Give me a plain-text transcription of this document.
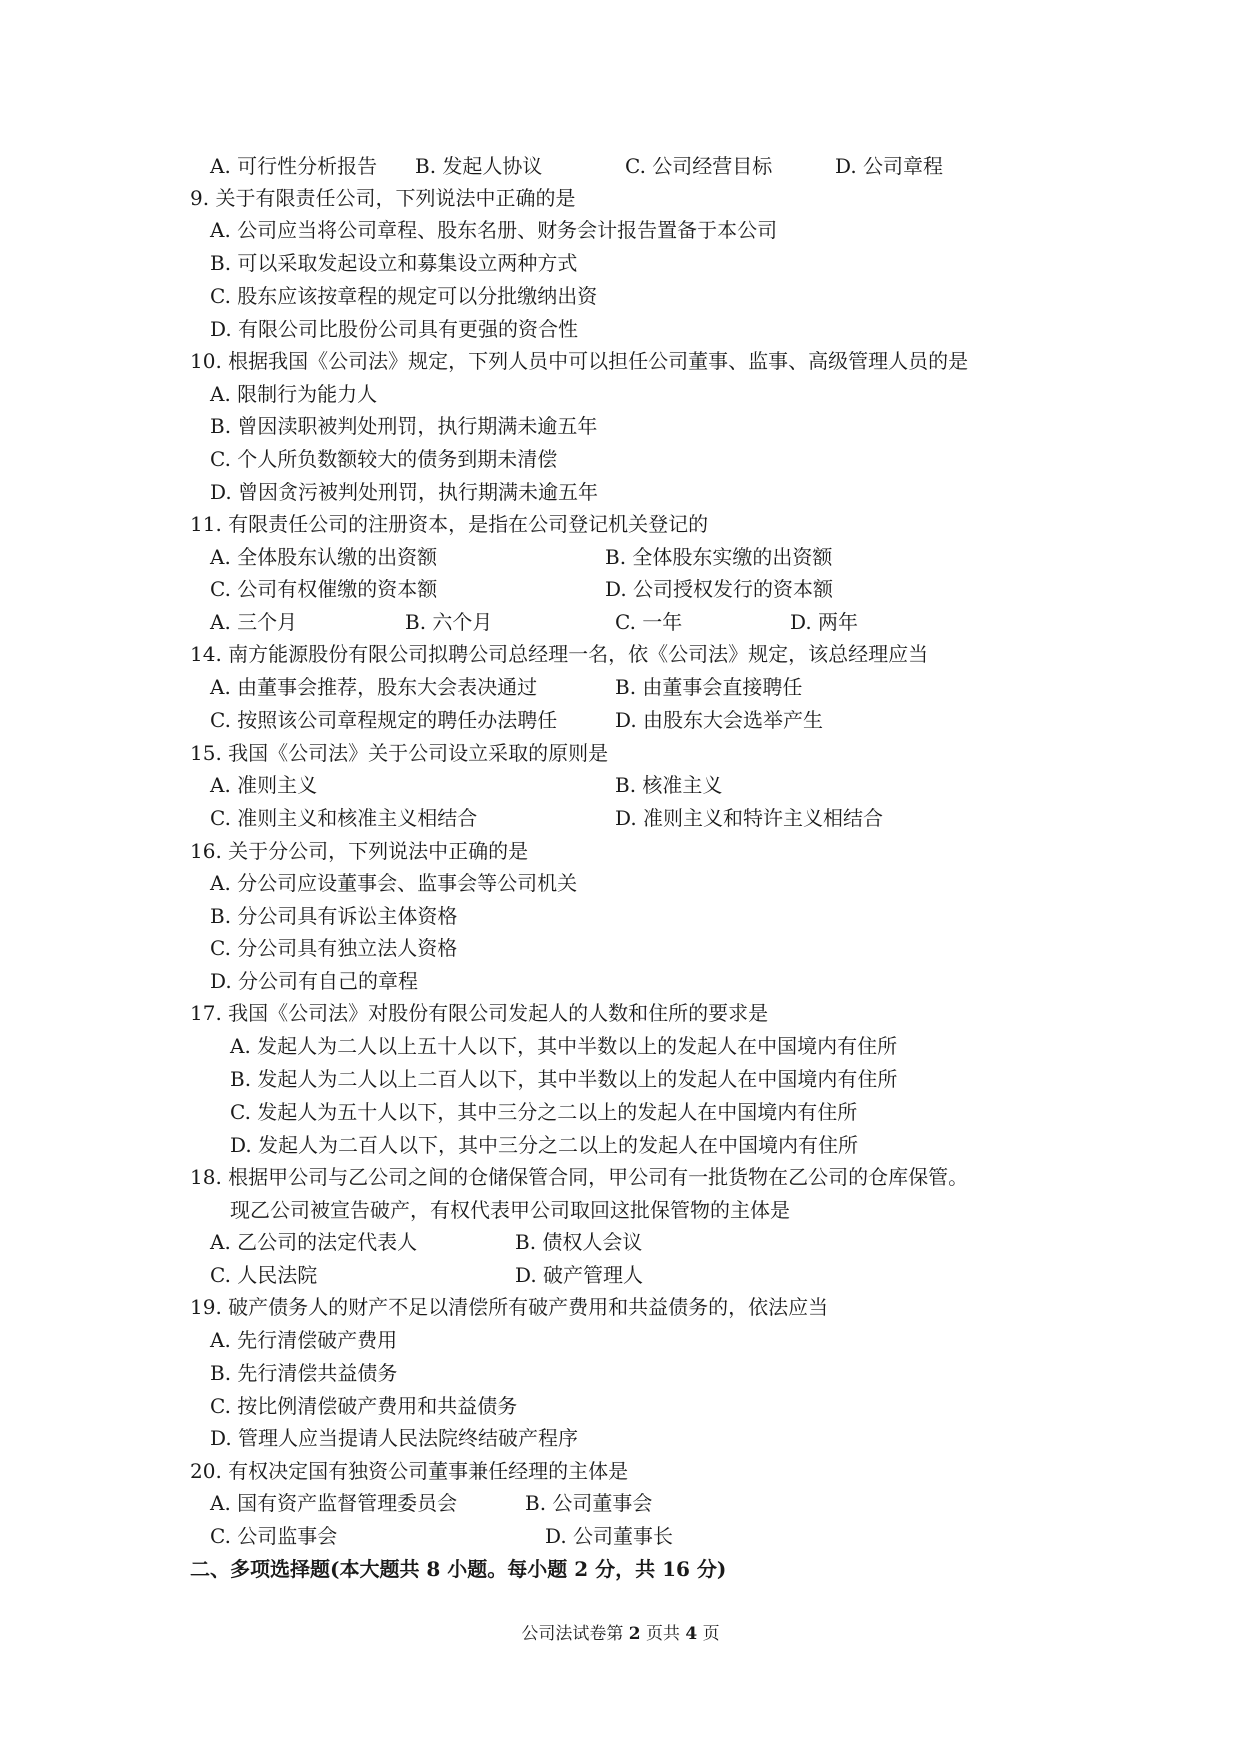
A. 可行性分析报告 B. 发起人协议	C. 公司经营目标	D. 公司章程
9. 关于有限责任公司，下列说法中正确的是
A. 公司应当将公司章程、股东名册、财务会计报告置备于本公司
B. 可以采取发起设立和募集设立两种方式
C. 股东应该按章程的规定可以分批缴纳出资
D. 有限公司比股份公司具有更强的资合性
10. 根据我国《公司法》规定，下列人员中可以担任公司董事、监事、高级管理人员的是
A. 限制行为能力人
B. 曾因渎职被判处刑罚，执行期满未逾五年
C. 个人所负数额较大的债务到期未清偿
D. 曾因贪污被判处刑罚，执行期满未逾五年
11. 有限责任公司的注册资本，是指在公司登记机关登记的
A. 全体股东认缴的出资额	B. 全体股东实缴的出资额
C. 公司有权催缴的资本额	D. 公司授权发行的资本额
A. 三个月	B. 六个月	C. 一年	D. 两年
14. 南方能源股份有限公司拟聘公司总经理一名，依《公司法》规定，该总经理应当
A. 由董事会推荐，股东大会表决通过	B. 由董事会直接聘任
C. 按照该公司章程规定的聘任办法聘任	D. 由股东大会选举产生
15. 我国《公司法》关于公司设立采取的原则是
A. 准则主义	B. 核准主义
C. 准则主义和核准主义相结合	D. 准则主义和特许主义相结合
16. 关于分公司，下列说法中正确的是
A. 分公司应设董事会、监事会等公司机关
B. 分公司具有诉讼主体资格
C. 分公司具有独立法人资格
D. 分公司有自己的章程
17. 我国《公司法》对股份有限公司发起人的人数和住所的要求是
A. 发起人为二人以上五十人以下，其中半数以上的发起人在中国境内有住所
B. 发起人为二人以上二百人以下，其中半数以上的发起人在中国境内有住所
C. 发起人为五十人以下，其中三分之二以上的发起人在中国境内有住所
D. 发起人为二百人以下，其中三分之二以上的发起人在中国境内有住所
18. 根据甲公司与乙公司之间的仓储保管合同，甲公司有一批货物在乙公司的仓库保管。
现乙公司被宣告破产，有权代表甲公司取回这批保管物的主体是
A. 乙公司的法定代表人	B. 债权人会议
C. 人民法院	D. 破产管理人
19. 破产债务人的财产不足以清偿所有破产费用和共益债务的，依法应当
A. 先行清偿破产费用
B. 先行清偿共益债务
C. 按比例清偿破产费用和共益债务
D. 管理人应当提请人民法院终结破产程序
20. 有权决定国有独资公司董事兼任经理的主体是
A. 国有资产监督管理委员会	B. 公司董事会
C. 公司监事会	D. 公司董事长
二、多项选择题(本大题共 8 小题。每小题 2 分，共 16 分)
公司法试卷第 2 页共 4 页
